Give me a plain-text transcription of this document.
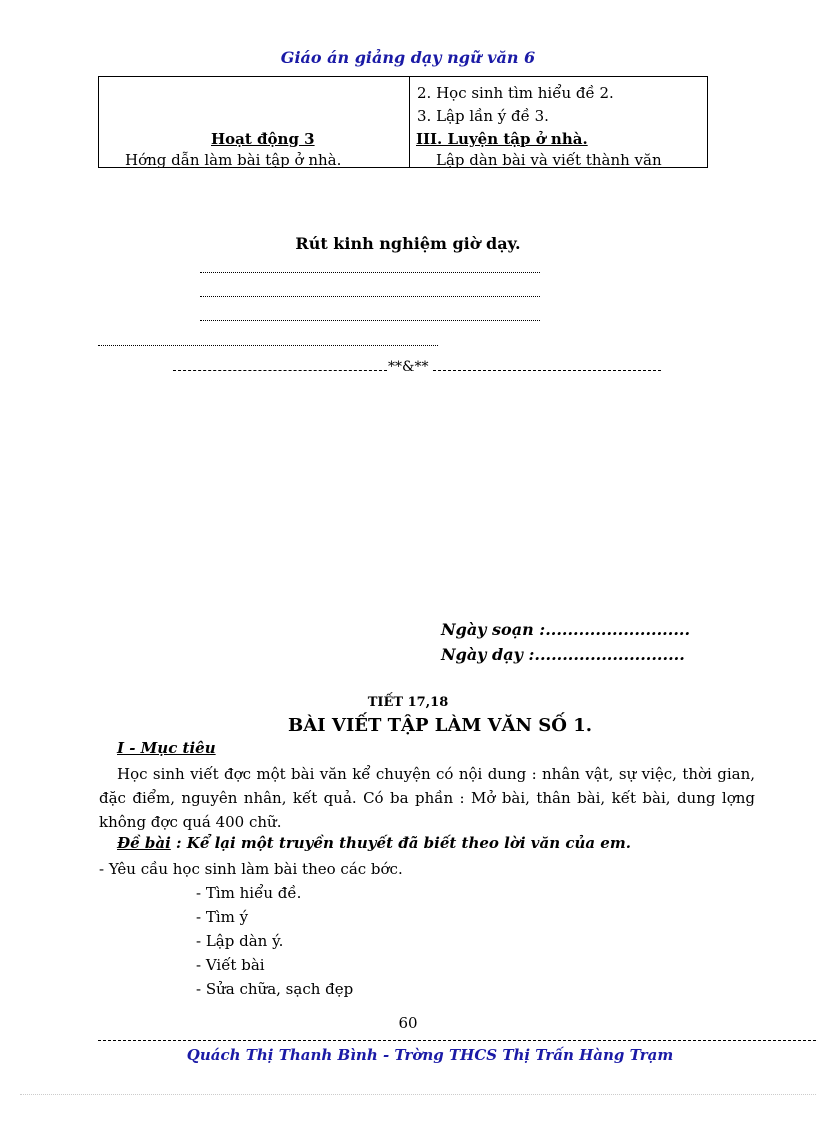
Giáo án giảng dạy ngữ văn 6
2. Học sinh tìm hiểu đề 2.
3. Lập lần ý đề 3.
Hoạt động 3	III. Luyện tập ở nhà.
Hớng dẫn làm bài tập ở nhà.	Lập dàn bài và viết thành văn
Rút kinh nghiệm giờ dạy.
**&**
Ngày soạn :..........................
Ngày dạy :...........................
TIẾT 17,18
BÀI VIẾT TẬP LÀM VĂN SỐ 1.
I - Mục tiêu
Học sinh viết đợc một bài văn kể chuyện có nội dung : nhân vật, sự việc, thời gian, đặc điểm, nguyên nhân, kết quả. Có ba phần : Mở bài, thân bài, kết bài, dung lợng không đợc quá 400 chữ.
Đề bài : Kể lại một truyền thuyết đã biết theo lời văn của em.
- Yêu cầu học sinh làm bài theo các bớc.
- Tìm hiểu đề.
- Tìm ý
- Lập dàn ý.
- Viết bài
- Sửa chữa, sạch đẹp
60
Quách Thị Thanh Bình - Trờng THCS Thị Trấn Hàng Trạm
